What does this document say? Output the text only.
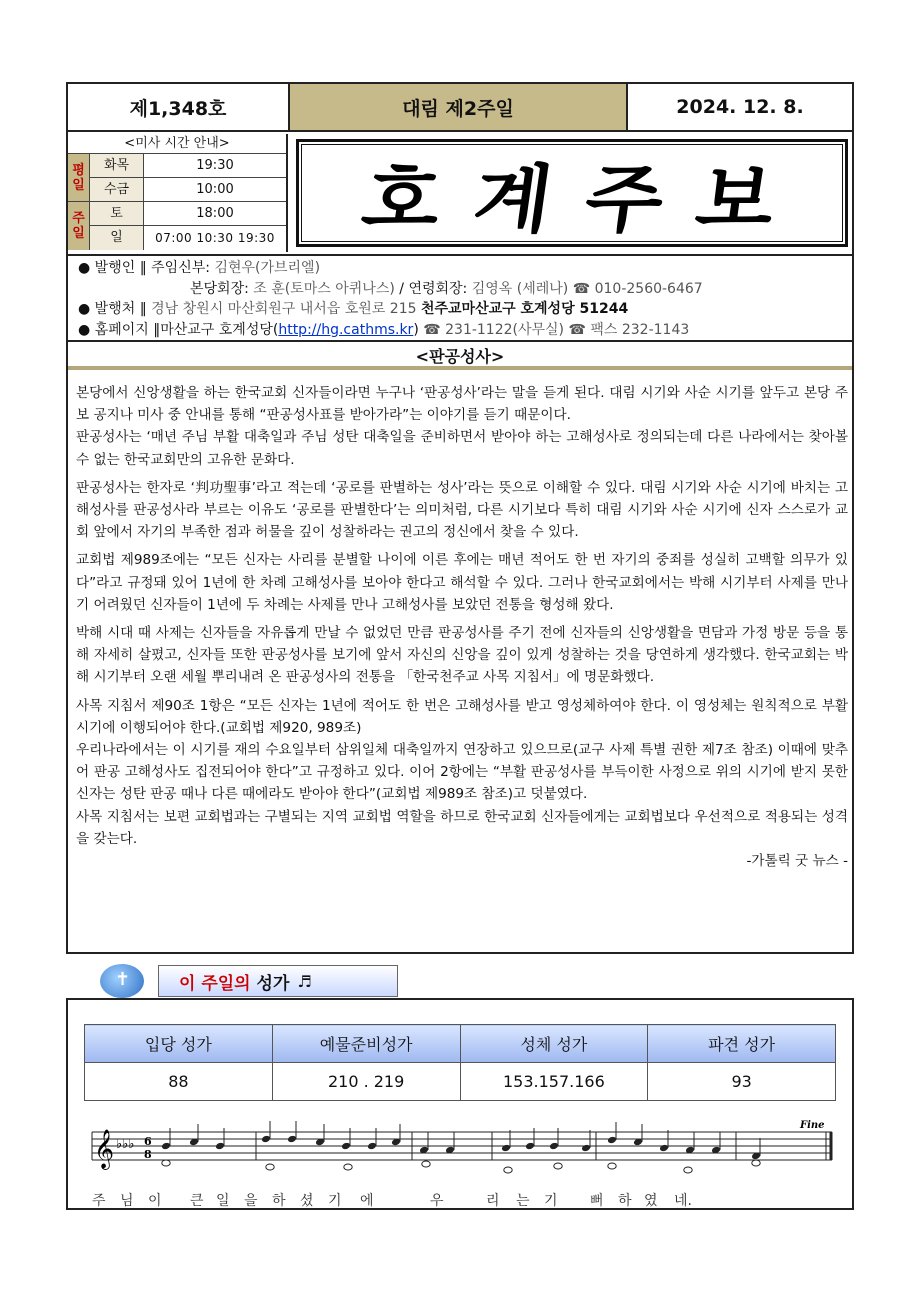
제1,348호	대림 제2주일	2024. 12. 8.
<미사 시간 안내>
평
일
주
일
화목	19:30
수금	10:00
토	18:00
일	07:00 10:30 19:30	호계주보
● 발행인 ‖ 주임신부: 김현우(가브리엘)
본당회장: 조 훈(토마스 아퀴나스) / 연령회장: 김영옥 (세레나) ☎ 010-2560-6467
● 발행처 ‖ 경남 창원시 마산회원구 내서읍 호원로 215 천주교마산교구 호계성당 51244
● 홈페이지 ‖마산교구 호계성당(http://hg.cathms.kr) ☎ 231-1122(사무실) ☎ 팩스 232-1143
<판공성사>

본당에서 신앙생활을 하는 한국교회 신자들이라면 누구나 ‘판공성사’라는 말을 듣게 된다. 대림 시기와 사순 시기를 앞두고 본당 주보 공지나 미사 중 안내를 통해 “판공성사표를 받아가라”는 이야기를 듣기 때문이다.

판공성사는 ‘매년 주님 부활 대축일과 주님 성탄 대축일을 준비하면서 받아야 하는 고해성사로 정의되는데 다른 나라에서는 찾아볼 수 없는 한국교회만의 고유한 문화다.

판공성사는 한자로 ‘判功聖事’라고 적는데 ‘공로를 판별하는 성사’라는 뜻으로 이해할 수 있다. 대림 시기와 사순 시기에 바치는 고해성사를 판공성사라 부르는 이유도 ‘공로를 판별한다’는 의미처럼, 다른 시기보다 특히 대림 시기와 사순 시기에 신자 스스로가 교회 앞에서 자기의 부족한 점과 허물을 깊이 성찰하라는 권고의 정신에서 찾을 수 있다.

교회법 제989조에는 “모든 신자는 사리를 분별할 나이에 이른 후에는 매년 적어도 한 번 자기의 중죄를 성실히 고백할 의무가 있다”라고 규정돼 있어 1년에 한 차례 고해성사를 보아야 한다고 해석할 수 있다. 그러나 한국교회에서는 박해 시기부터 사제를 만나기 어려웠던 신자들이 1년에 두 차례는 사제를 만나 고해성사를 보았던 전통을 형성해 왔다.

박해 시대 때 사제는 신자들을 자유롭게 만날 수 없었던 만큼 판공성사를 주기 전에 신자들의 신앙생활을 면담과 가정 방문 등을 통해 자세히 살폈고, 신자들 또한 판공성사를 보기에 앞서 자신의 신앙을 깊이 있게 성찰하는 것을 당연하게 생각했다. 한국교회는 박해 시기부터 오랜 세월 뿌리내려 온 판공성사의 전통을 「한국천주교 사목 지침서」에 명문화했다.

사목 지침서 제90조 1항은 “모든 신자는 1년에 적어도 한 번은 고해성사를 받고 영성체하여야 한다. 이 영성체는 원칙적으로 부활 시기에 이행되어야 한다.(교회법 제920, 989조)

우리나라에서는 이 시기를 재의 수요일부터 삼위일체 대축일까지 연장하고 있으므로(교구 사제 특별 권한 제7조 참조) 이때에 맞추어 판공 고해성사도 집전되어야 한다”고 규정하고 있다. 이어 2항에는 “부활 판공성사를 부득이한 사정으로 위의 시기에 받지 못한 신자는 성탄 판공 때나 다른 때에라도 받아야 한다”(교회법 제989조 참조)고 덧붙였다.

사목 지침서는 보편 교회법과는 구별되는 지역 교회법 역할을 하므로 한국교회 신자들에게는 교회법보다 우선적으로 적용되는 성격을 갖는다.

-가톨릭 굿 뉴스 -
✝
이 주일의
성가 ♬
입당 성가	예물준비성가	성체 성가	파견 성가
88	210 . 219	153.157.166	93
𝄞 ♭♭♭ 6
8
Fine
주 님 이 큰 일 을 하 셨 기 에	우	리 는 기 뻐 하 였 네.
